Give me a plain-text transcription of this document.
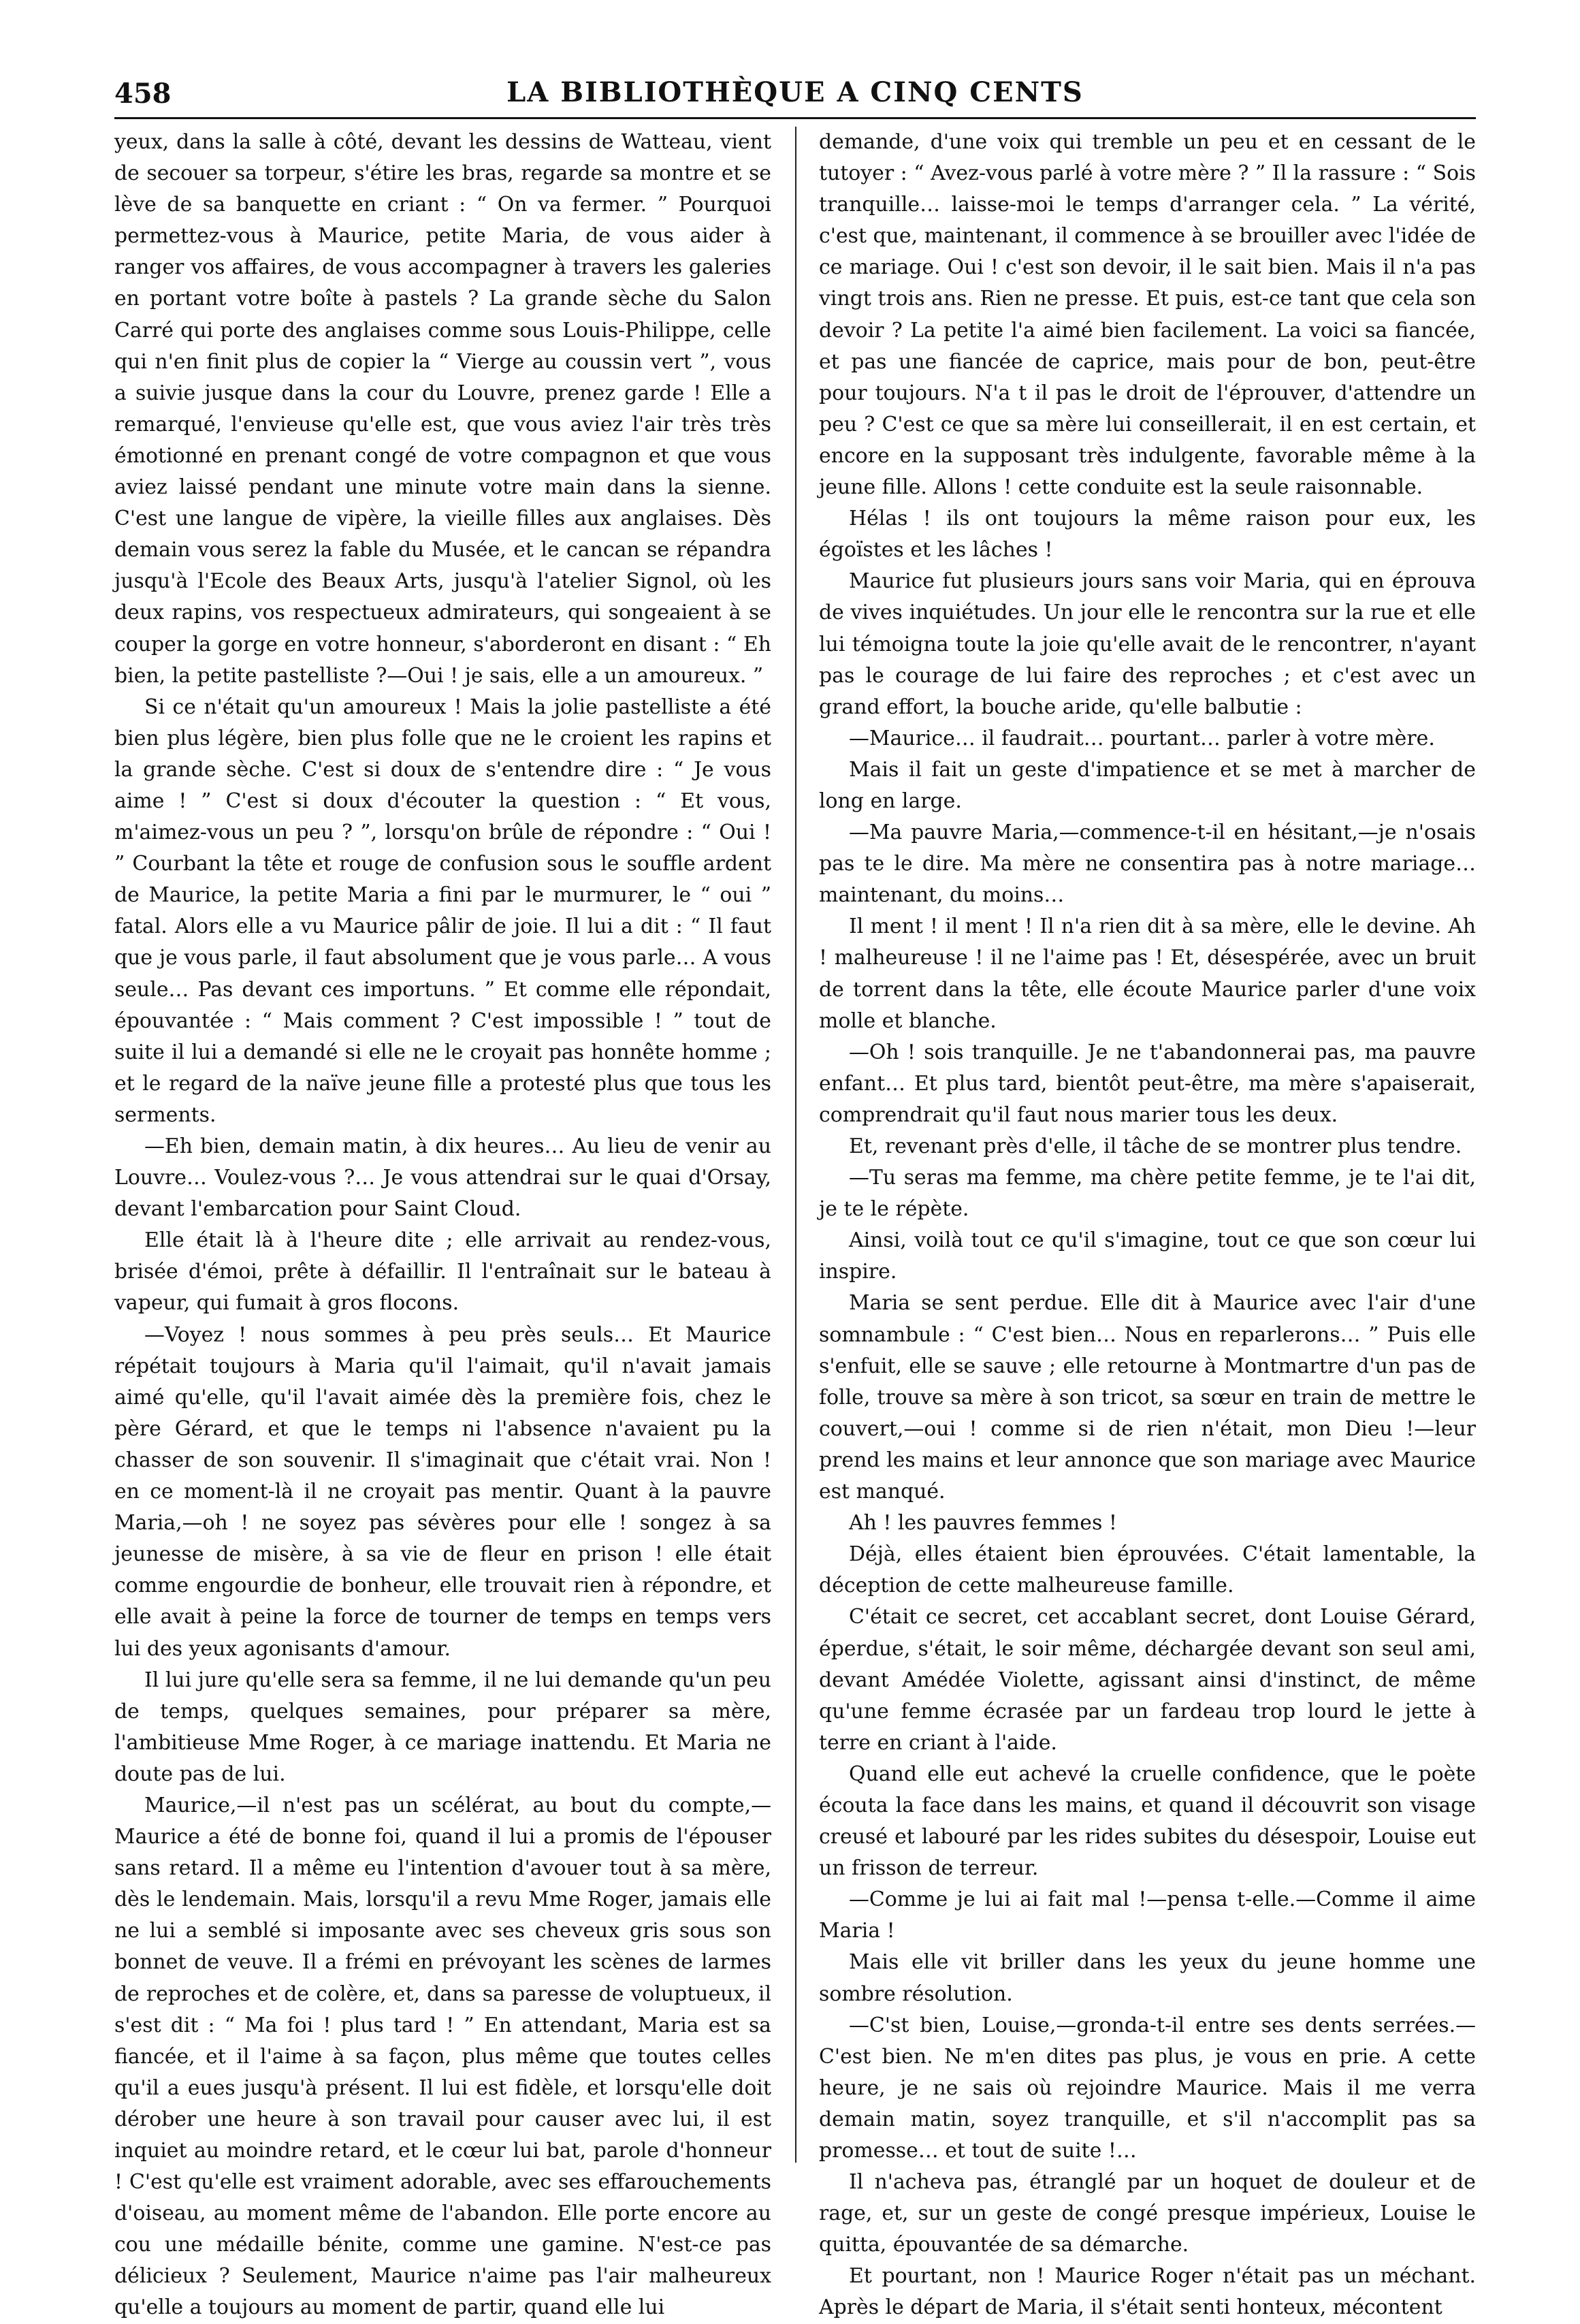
458	LA BIBLIOTHÈQUE A CINQ CENTS

yeux, dans la salle à côté, devant les dessins de Watteau, vient de secouer sa torpeur, s'étire les bras, regarde sa montre et se lève de sa banquette en criant : “ On va fermer. ” Pourquoi permettez-vous à Maurice, petite Maria, de vous aider à ranger vos affaires, de vous accompagner à travers les galeries en portant votre boîte à pastels ? La grande sèche du Salon Carré qui porte des anglaises comme sous Louis-Philippe, celle qui n'en finit plus de copier la “ Vierge au coussin vert ”, vous a suivie jusque dans la cour du Louvre, prenez garde ! Elle a remarqué, l'envieuse qu'elle est, que vous aviez l'air très très émotionné en prenant congé de votre compagnon et que vous aviez laissé pendant une minute votre main dans la sienne. C'est une langue de vipère, la vieille filles aux anglaises. Dès demain vous serez la fable du Musée, et le cancan se répandra jusqu'à l'Ecole des Beaux Arts, jusqu'à l'atelier Signol, où les deux rapins, vos respectueux admirateurs, qui songeaient à se couper la gorge en votre honneur, s'aborderont en disant : “ Eh bien, la petite pastelliste ?—Oui ! je sais, elle a un amoureux. ”

Si ce n'était qu'un amoureux ! Mais la jolie pastelliste a été bien plus légère, bien plus folle que ne le croient les rapins et la grande sèche. C'est si doux de s'entendre dire : “ Je vous aime ! ” C'est si doux d'écouter la question : “ Et vous, m'aimez-vous un peu ? ”, lorsqu'on brûle de répondre : “ Oui ! ” Courbant la tête et rouge de confusion sous le souffle ardent de Maurice, la petite Maria a fini par le murmurer, le “ oui ” fatal. Alors elle a vu Maurice pâlir de joie. Il lui a dit : “ Il faut que je vous parle, il faut absolument que je vous parle… A vous seule… Pas devant ces importuns. ” Et comme elle répondait, épouvantée : “ Mais comment ? C'est impossible ! ” tout de suite il lui a demandé si elle ne le croyait pas honnête homme ; et le regard de la naïve jeune fille a protesté plus que tous les serments.

—Eh bien, demain matin, à dix heures… Au lieu de venir au Louvre… Voulez-vous ?… Je vous attendrai sur le quai d'Orsay, devant l'embarcation pour Saint Cloud.

Elle était là à l'heure dite ; elle arrivait au rendez-vous, brisée d'émoi, prête à défaillir. Il l'entraînait sur le bateau à vapeur, qui fumait à gros flocons.

—Voyez ! nous sommes à peu près seuls… Et Maurice répétait toujours à Maria qu'il l'aimait, qu'il n'avait jamais aimé qu'elle, qu'il l'avait aimée dès la première fois, chez le père Gérard, et que le temps ni l'absence n'avaient pu la chasser de son souvenir. Il s'imaginait que c'était vrai. Non ! en ce moment-là il ne croyait pas mentir. Quant à la pauvre Maria,—oh ! ne soyez pas sévères pour elle ! songez à sa jeunesse de misère, à sa vie de fleur en prison ! elle était comme engourdie de bonheur, elle trouvait rien à répondre, et elle avait à peine la force de tourner de temps en temps vers lui des yeux agonisants d'amour.

Il lui jure qu'elle sera sa femme, il ne lui demande qu'un peu de temps, quelques semaines, pour préparer sa mère, l'ambitieuse Mme Roger, à ce mariage inattendu. Et Maria ne doute pas de lui.

Maurice,—il n'est pas un scélérat, au bout du compte,—Maurice a été de bonne foi, quand il lui a promis de l'épouser sans retard. Il a même eu l'intention d'avouer tout à sa mère, dès le lendemain. Mais, lorsqu'il a revu Mme Roger, jamais elle ne lui a semblé si imposante avec ses cheveux gris sous son bonnet de veuve. Il a frémi en prévoyant les scènes de larmes de reproches et de colère, et, dans sa paresse de voluptueux, il s'est dit : “ Ma foi ! plus tard ! ” En attendant, Maria est sa fiancée, et il l'aime à sa façon, plus même que toutes celles qu'il a eues jusqu'à présent. Il lui est fidèle, et lorsqu'elle doit dérober une heure à son travail pour causer avec lui, il est inquiet au moindre retard, et le cœur lui bat, parole d'honneur ! C'est qu'elle est vraiment adorable, avec ses effarouchements d'oiseau, au moment même de l'abandon. Elle porte encore au cou une médaille bénite, comme une gamine. N'est-ce pas délicieux ? Seulement, Maurice n'aime pas l'air malheureux qu'elle a toujours au moment de partir, quand elle lui

demande, d'une voix qui tremble un peu et en cessant de le tutoyer : “ Avez-vous parlé à votre mère ? ” Il la rassure : “ Sois tranquille… laisse-moi le temps d'arranger cela. ” La vérité, c'est que, maintenant, il commence à se brouiller avec l'idée de ce mariage. Oui ! c'est son devoir, il le sait bien. Mais il n'a pas vingt trois ans. Rien ne presse. Et puis, est-ce tant que cela son devoir ? La petite l'a aimé bien facilement. La voici sa fiancée, et pas une fiancée de caprice, mais pour de bon, peut-être pour toujours. N'a t il pas le droit de l'éprouver, d'attendre un peu ? C'est ce que sa mère lui conseillerait, il en est certain, et encore en la supposant très indulgente, favorable même à la jeune fille. Allons ! cette conduite est la seule raisonnable.

Hélas ! ils ont toujours la même raison pour eux, les égoïstes et les lâches !

Maurice fut plusieurs jours sans voir Maria, qui en éprouva de vives inquiétudes. Un jour elle le rencontra sur la rue et elle lui témoigna toute la joie qu'elle avait de le rencontrer, n'ayant pas le courage de lui faire des reproches ; et c'est avec un grand effort, la bouche aride, qu'elle balbutie :

—Maurice… il faudrait… pourtant… parler à votre mère.

Mais il fait un geste d'impatience et se met à marcher de long en large.

—Ma pauvre Maria,—commence-t-il en hésitant,—je n'osais pas te le dire. Ma mère ne consentira pas à notre mariage… maintenant, du moins…

Il ment ! il ment ! Il n'a rien dit à sa mère, elle le devine. Ah ! malheureuse ! il ne l'aime pas ! Et, désespérée, avec un bruit de torrent dans la tête, elle écoute Maurice parler d'une voix molle et blanche.

—Oh ! sois tranquille. Je ne t'abandonnerai pas, ma pauvre enfant… Et plus tard, bientôt peut-être, ma mère s'apaiserait, comprendrait qu'il faut nous marier tous les deux.

Et, revenant près d'elle, il tâche de se montrer plus tendre.

—Tu seras ma femme, ma chère petite femme, je te l'ai dit, je te le répète.

Ainsi, voilà tout ce qu'il s'imagine, tout ce que son cœur lui inspire.

Maria se sent perdue. Elle dit à Maurice avec l'air d'une somnambule : “ C'est bien… Nous en reparlerons… ” Puis elle s'enfuit, elle se sauve ; elle retourne à Montmartre d'un pas de folle, trouve sa mère à son tricot, sa sœur en train de mettre le couvert,—oui ! comme si de rien n'était, mon Dieu !—leur prend les mains et leur annonce que son mariage avec Maurice est manqué.

Ah ! les pauvres femmes !

Déjà, elles étaient bien éprouvées. C'était lamentable, la déception de cette malheureuse famille.

C'était ce secret, cet accablant secret, dont Louise Gérard, éperdue, s'était, le soir même, déchargée devant son seul ami, devant Amédée Violette, agissant ainsi d'instinct, de même qu'une femme écrasée par un fardeau trop lourd le jette à terre en criant à l'aide.

Quand elle eut achevé la cruelle confidence, que le poète écouta la face dans les mains, et quand il découvrit son visage creusé et labouré par les rides subites du désespoir, Louise eut un frisson de terreur.

—Comme je lui ai fait mal !—pensa t-elle.—Comme il aime Maria !

Mais elle vit briller dans les yeux du jeune homme une sombre résolution.

—C'st bien, Louise,—gronda-t-il entre ses dents serrées.—C'est bien. Ne m'en dites pas plus, je vous en prie. A cette heure, je ne sais où rejoindre Maurice. Mais il me verra demain matin, soyez tranquille, et s'il n'accomplit pas sa promesse… et tout de suite !…

Il n'acheva pas, étranglé par un hoquet de douleur et de rage, et, sur un geste de congé presque impérieux, Louise le quitta, épouvantée de sa démarche.

Et pourtant, non ! Maurice Roger n'était pas un méchant. Après le départ de Maria, il s'était senti honteux, mécontent
